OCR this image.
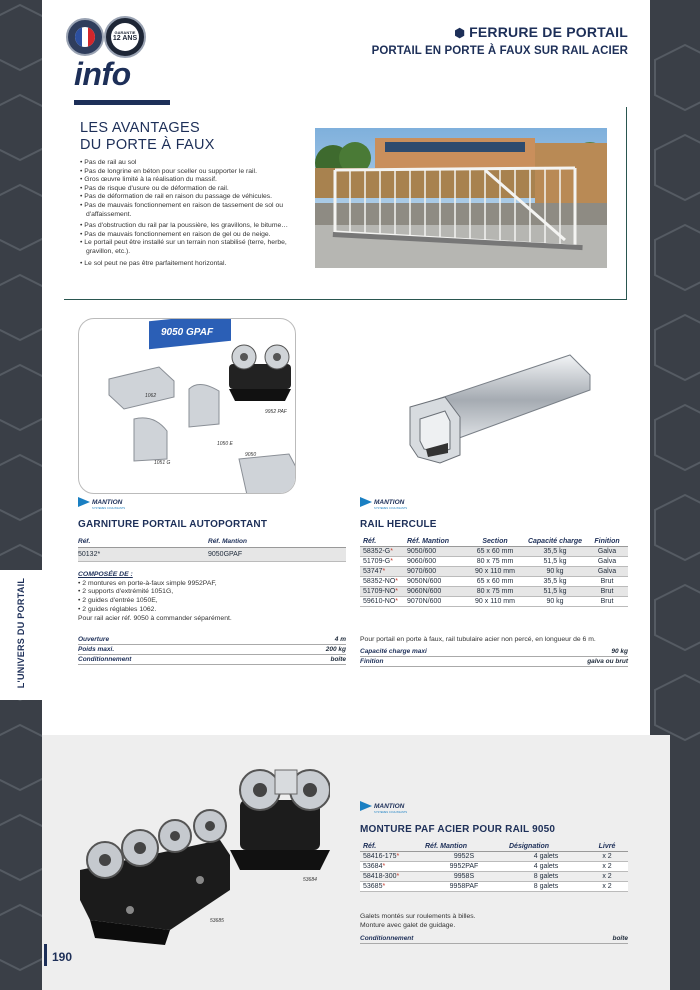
L'UNIVERS DU PORTAIL
GARANTIE
12 ANS
info
⬢ FERRURE DE PORTAIL
PORTAIL EN PORTE À FAUX SUR RAIL ACIER
LES AVANTAGES
DU PORTE À FAUX
• Pas de rail au sol
• Pas de longrine en béton pour sceller ou supporter le rail.
• Gros œuvre limité à la réalisation du massif.
• Pas de risque d'usure ou de déformation de rail.
• Pas de déformation de rail en raison du passage de véhicules.
• Pas de mauvais fonctionnement en raison de tassement de sol ou d'affaissement.
• Pas d'obstruction du rail par la poussière, les gravillons, le bitume…
• Pas de mauvais fonctionnement en raison de gel ou de neige.
• Le portail peut être installé sur un terrain non stabilisé (terre, herbe, gravillon, etc.).
• Le sol peut ne pas être parfaitement horizontal.
9050 GPAF
1062
9952 PAF
1050 E
1051 G
9050
MANTION
SYSTEMES COULISSANTS
MANTION
SYSTEMES COULISSANTS
MANTION
SYSTEMES COULISSANTS
GARNITURE PORTAIL AUTOPORTANT
Réf.	Réf. Mantion
50132*	9050GPAF
COMPOSÉE DE :
• 2 montures en porte-à-faux simple 9952PAF,
• 2 supports d'extrémité 1051G,
• 2 guides d'entrée 1050E,
• 2 guides réglables 1062.
Pour rail acier réf. 9050 à commander séparément.
Ouverture	4 m
Poids maxi.	200 kg
Conditionnement	boîte
RAIL HERCULE
Réf.	Réf. Mantion	Section	Capacité charge	Finition
58352-G*	9050/600	65 x 60 mm	35,5 kg	Galva
51709-G*	9060/600	80 x 75 mm	51,5 kg	Galva
53747*	9070/600	90 x 110 mm	90 kg	Galva
58352-NO*	9050N/600	65 x 60 mm	35,5 kg	Brut
51709-NO*	9060N/600	80 x 75 mm	51,5 kg	Brut
59610-NO*	9070N/600	90 x 110 mm	90 kg	Brut
Pour portail en porte à faux, rail tubulaire acier non percé, en longueur de 6 m.
Capacité charge maxi	90 kg
Finition	galva ou brut
53684
53685
MONTURE PAF ACIER POUR RAIL 9050
Réf.	Réf. Mantion	Désignation	Livré
58416-175*	9952S	4 galets	x 2
53684*	9952PAF	4 galets	x 2
58418-300*	9958S	8 galets	x 2
53685*	9958PAF	8 galets	x 2
Galets montés sur roulements à billes.
Monture avec galet de guidage.
Conditionnement	boîte
190
